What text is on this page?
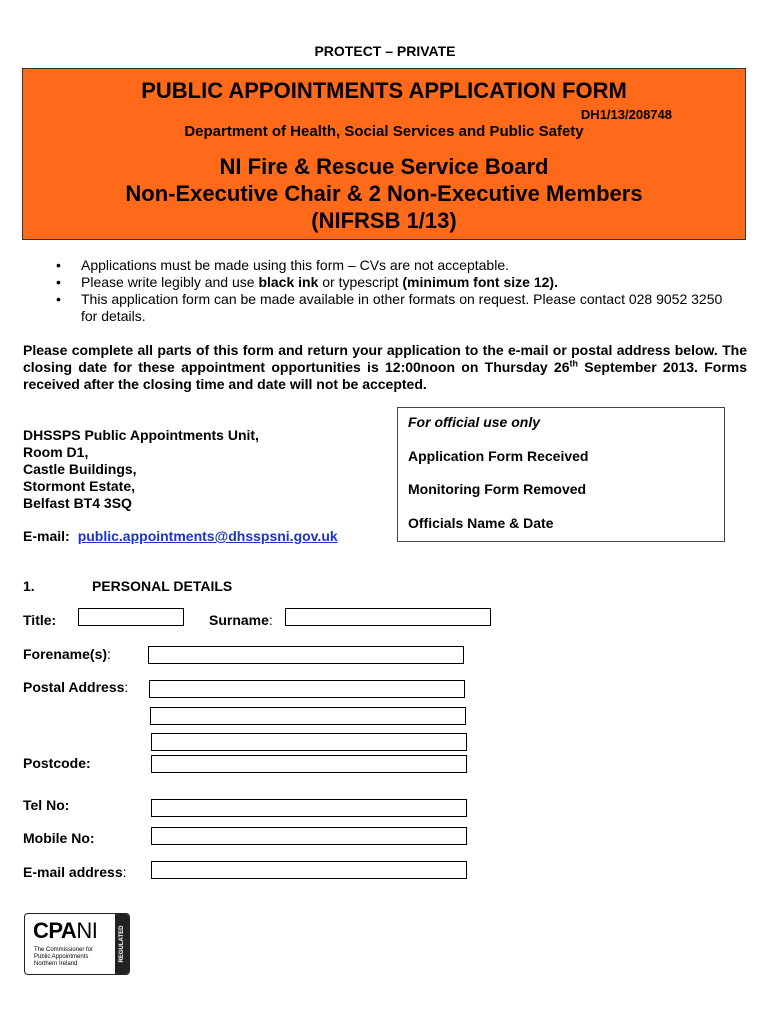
PROTECT – PRIVATE
PUBLIC APPOINTMENTS APPLICATION FORM
DH1/13/208748
Department of Health, Social Services and Public Safety
NI Fire & Rescue Service Board
Non-Executive Chair & 2 Non-Executive Members
(NIFRSB 1/13)
•	Applications must be made using this form – CVs are not acceptable.
•	Please write legibly and use black ink or typescript (minimum font size 12).
•	This application form can be made available in other formats on request. Please contact 028 9052 3250 for details.
Please complete all parts of this form and return your application to the e-mail or postal address below. The closing date for these appointment opportunities is 12:00noon on Thursday 26th September 2013. Forms received after the closing time and date will not be accepted.
DHSSPS Public Appointments Unit,
Room D1,
Castle Buildings,
Stormont Estate,
Belfast BT4 3SQ
E-mail: public.appointments@dhsspsni.gov.uk
For official use only
Application Form Received
Monitoring Form Removed
Officials Name & Date
1.	PERSONAL DETAILS
Title:	Surname:
Forename(s):
Postal Address:
Postcode:
Tel No:
Mobile No:
E-mail address:
CPANI
The Commissioner for Public Appointments Northern Ireland
REGULATED
